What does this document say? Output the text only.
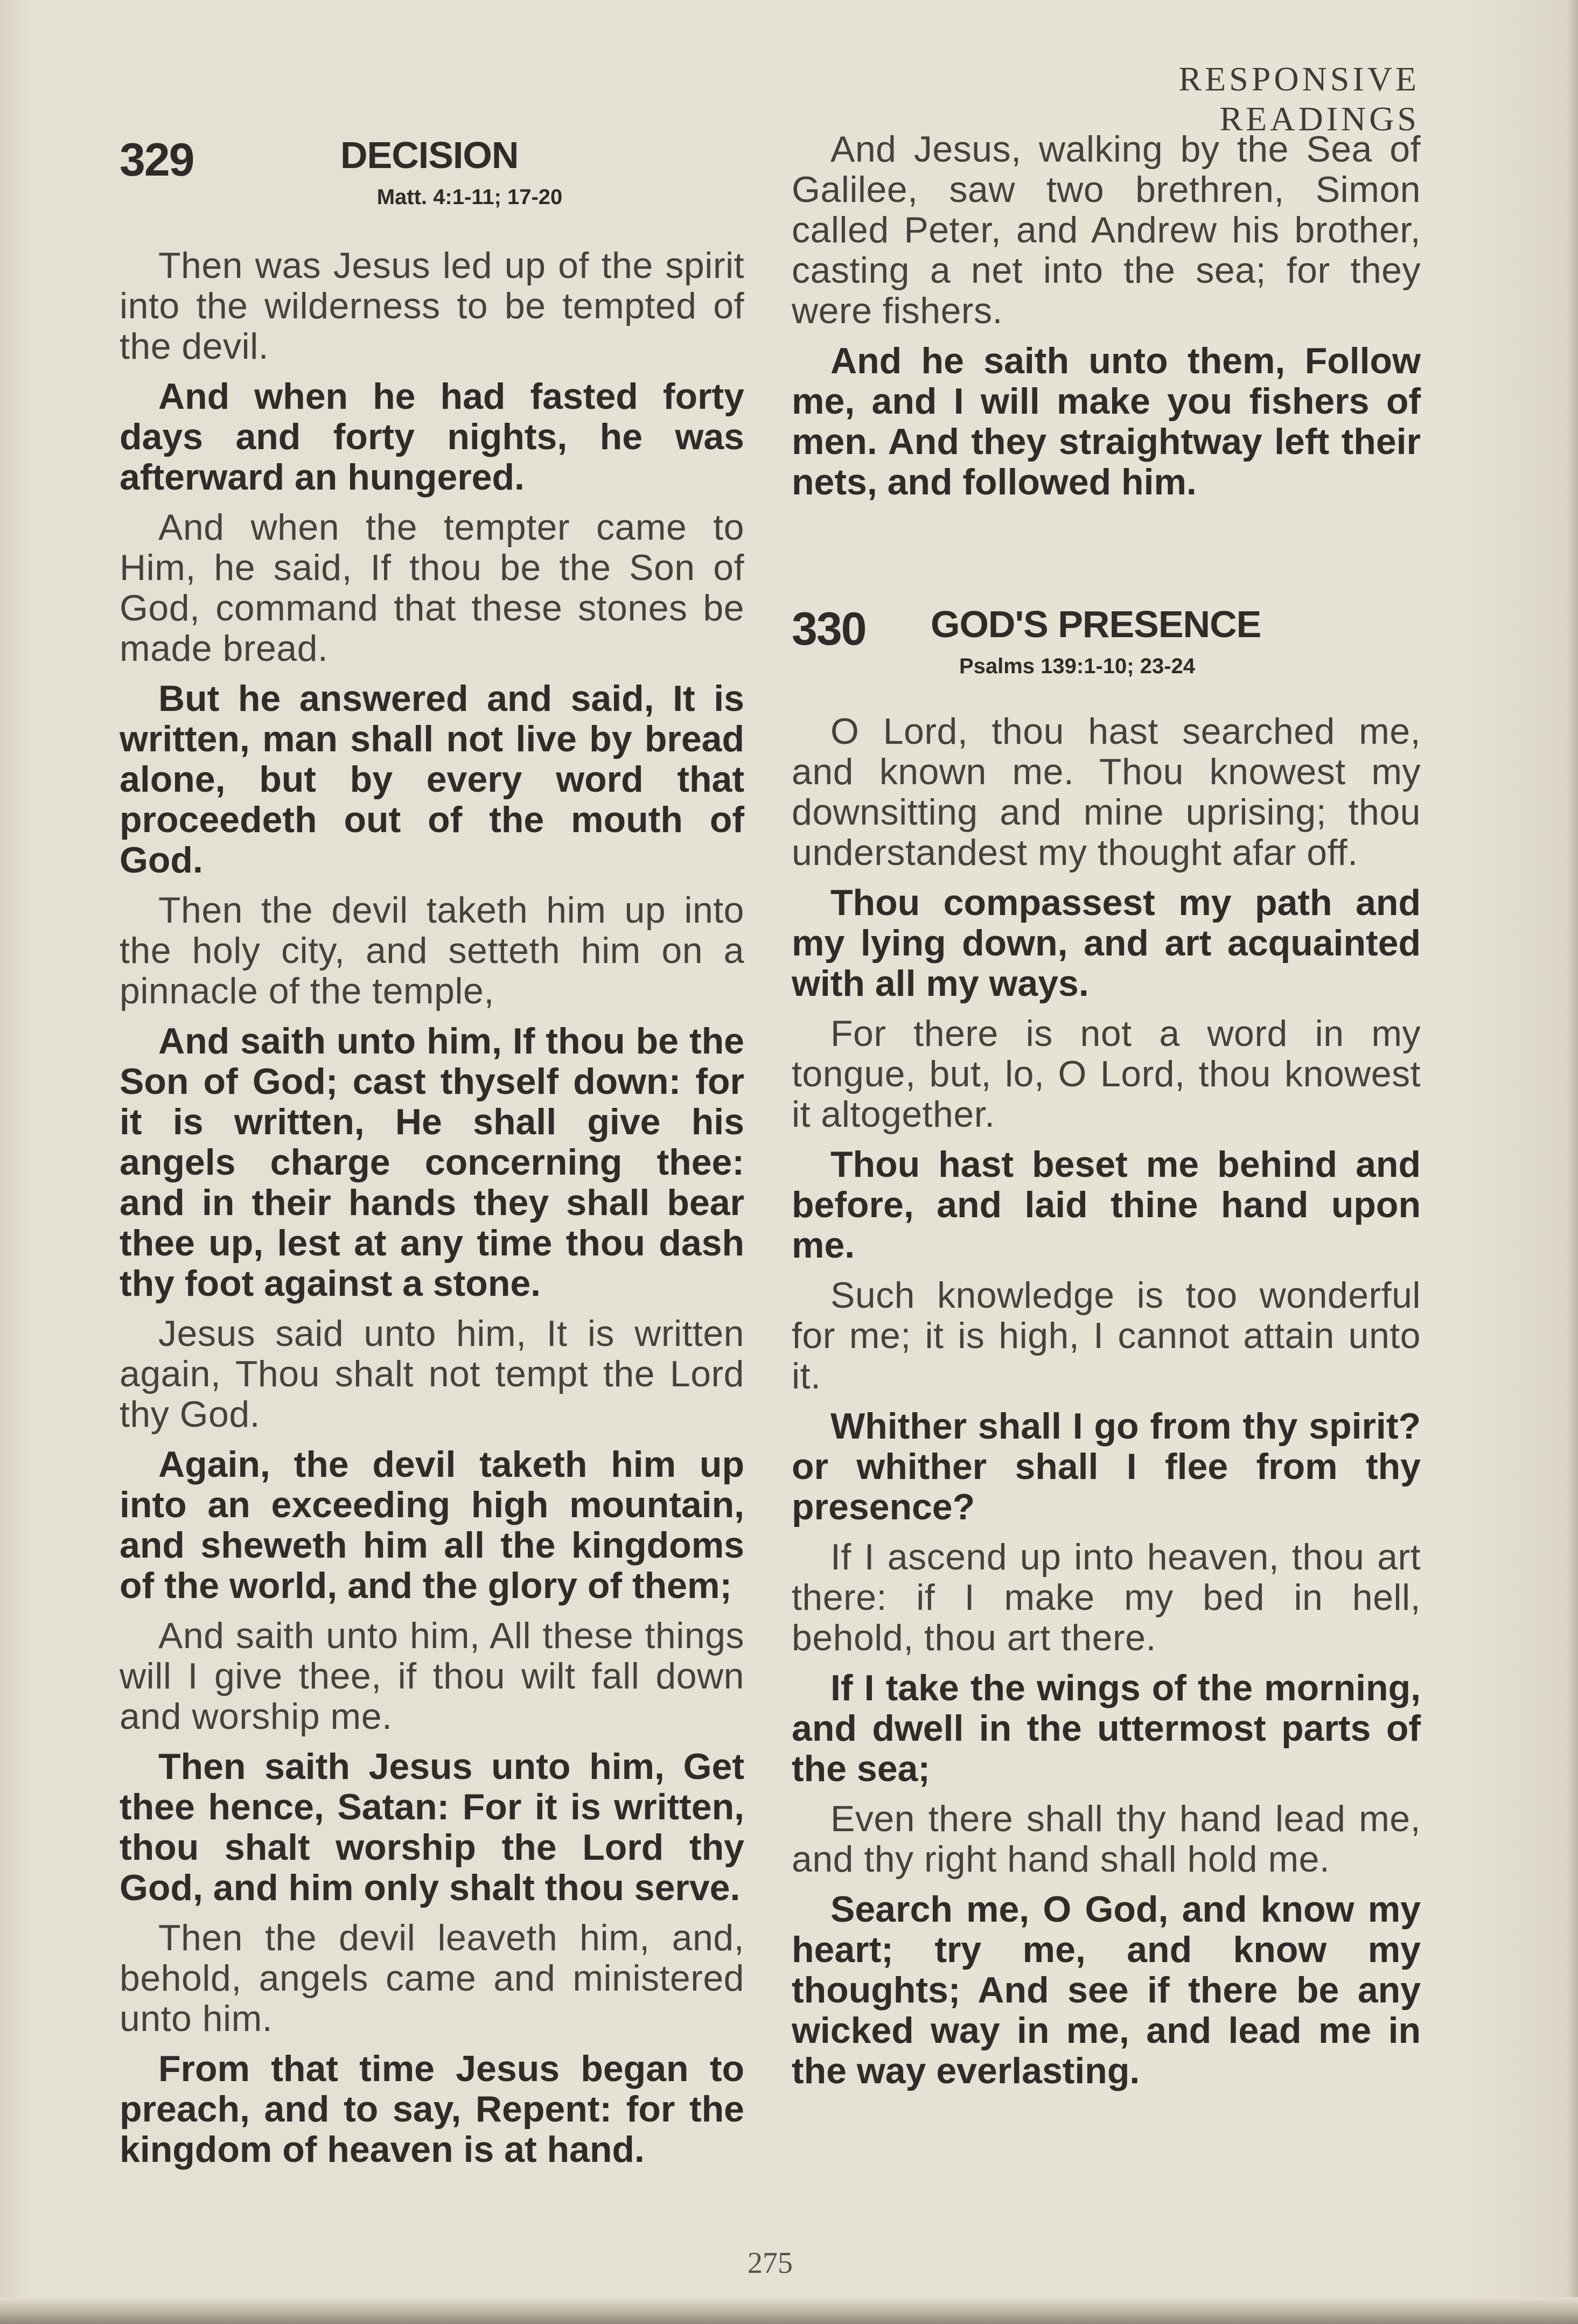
RESPONSIVE READINGS
329	DECISION
Matt. 4:1-11; 17-20

Then was Jesus led up of the spirit into the wilderness to be tempted of the devil.

And when he had fasted forty days and forty nights, he was afterward an hungered.

And when the tempter came to Him, he said, If thou be the Son of God, command that these stones be made bread.

But he answered and said, It is written, man shall not live by bread alone, but by every word that proceedeth out of the mouth of God.

Then the devil taketh him up into the holy city, and setteth him on a pinnacle of the temple,

And saith unto him, If thou be the Son of God; cast thyself down: for it is written, He shall give his angels charge concerning thee: and in their hands they shall bear thee up, lest at any time thou dash thy foot against a stone.

Jesus said unto him, It is written again, Thou shalt not tempt the Lord thy God.

Again, the devil taketh him up into an exceeding high mountain, and sheweth him all the kingdoms of the world, and the glory of them;

And saith unto him, All these things will I give thee, if thou wilt fall down and worship me.

Then saith Jesus unto him, Get thee hence, Satan: For it is written, thou shalt worship the Lord thy God, and him only shalt thou serve.

Then the devil leaveth him, and, behold, angels came and ministered unto him.

From that time Jesus began to preach, and to say, Repent: for the kingdom of heaven is at hand.

And Jesus, walking by the Sea of Galilee, saw two brethren, Simon called Peter, and Andrew his brother, casting a net into the sea; for they were fishers.

And he saith unto them, Follow me, and I will make you fishers of men. And they straightway left their nets, and followed him.

330 GOD'S PRESENCE
Psalms 139:1-10; 23-24

O Lord, thou hast searched me, and known me. Thou knowest my downsitting and mine uprising; thou understandest my thought afar off.

Thou compassest my path and my lying down, and art acquainted with all my ways.

For there is not a word in my tongue, but, lo, O Lord, thou knowest it altogether.

Thou hast beset me behind and before, and laid thine hand upon me.

Such knowledge is too wonderful for me; it is high, I cannot attain unto it.

Whither shall I go from thy spirit? or whither shall I flee from thy presence?

If I ascend up into heaven, thou art there: if I make my bed in hell, behold, thou art there.

If I take the wings of the morning, and dwell in the uttermost parts of the sea;

Even there shall thy hand lead me, and thy right hand shall hold me.

Search me, O God, and know my heart; try me, and know my thoughts; And see if there be any wicked way in me, and lead me in the way everlasting.

275
